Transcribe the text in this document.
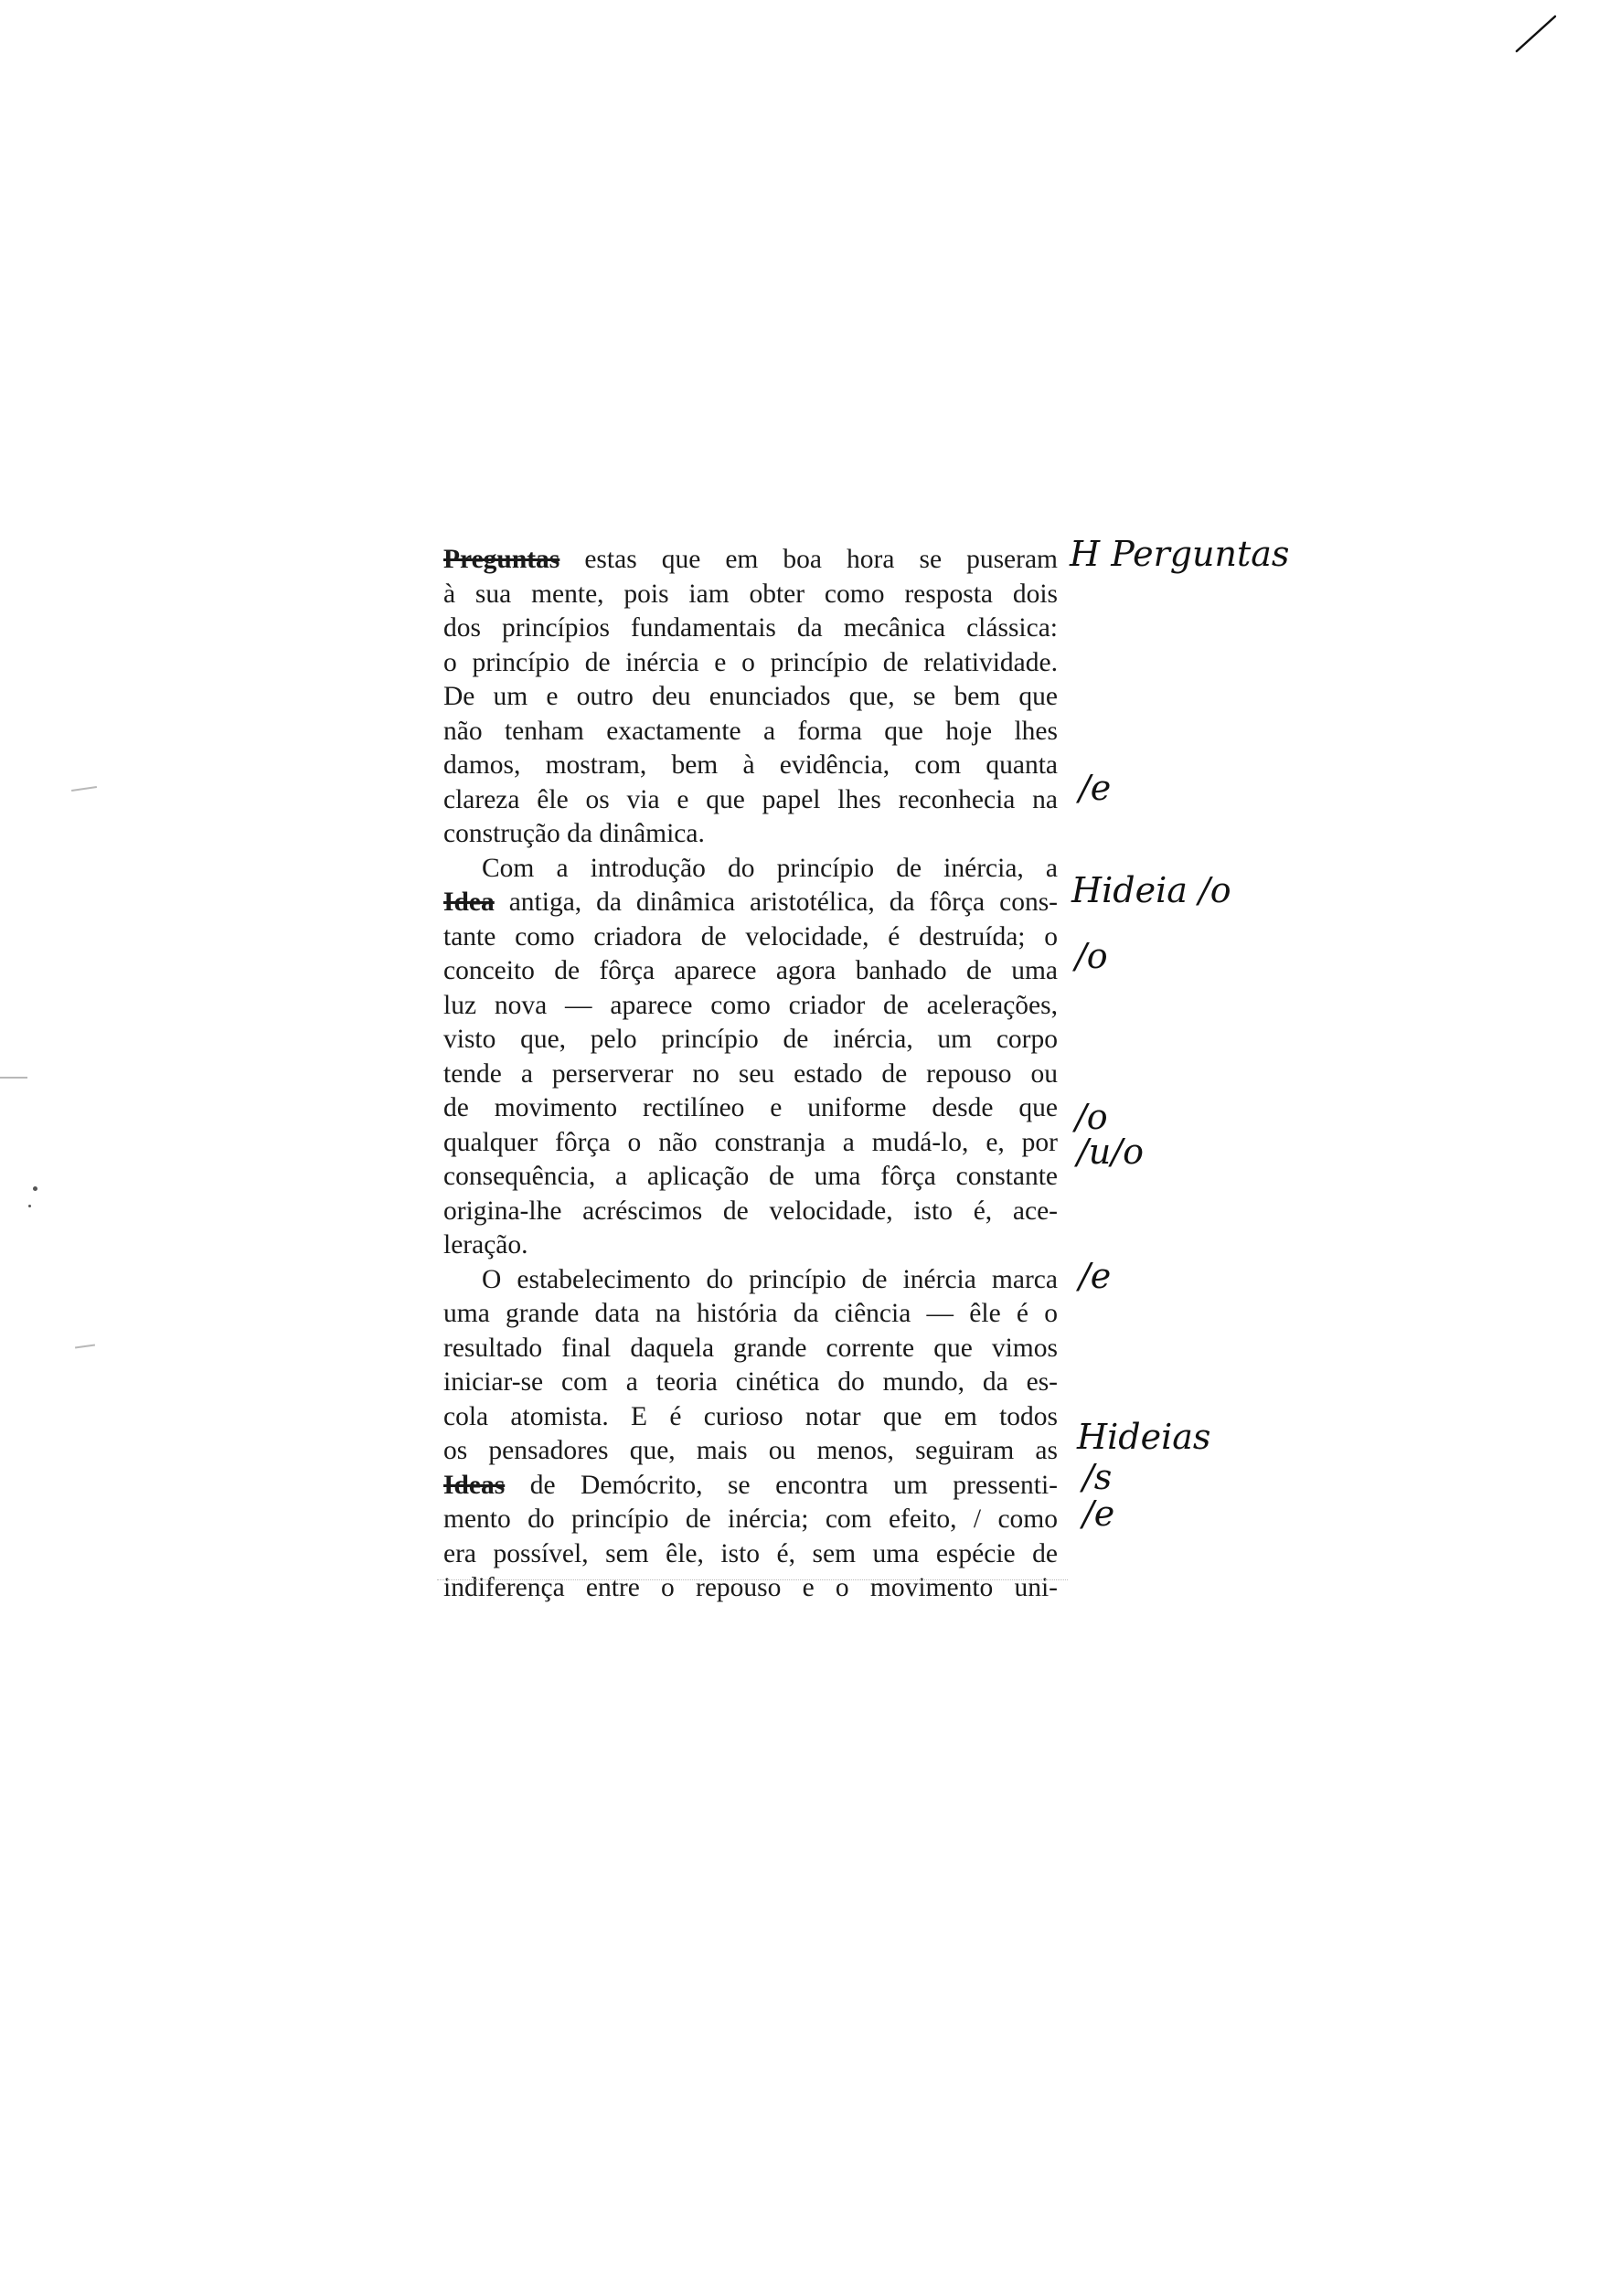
Preguntas estas que em boa hora se puseram
à sua mente, pois iam obter como resposta dois
dos princípios fundamentais da mecânica clássica:
o princípio de inércia e o princípio de relatividade.
De um e outro deu enunciados que, se bem que
não tenham exactamente a forma que hoje lhes
damos, mostram, bem à evidência, com quanta
clareza êle os via e que papel lhes reconhecia na
construção da dinâmica.
Com a introdução do princípio de inércia, a
Idea antiga, da dinâmica aristotélica, da fôrça cons-
tante como criadora de velocidade, é destruída; o
conceito de fôrça aparece agora banhado de uma
luz nova — aparece como criador de acelerações,
visto que, pelo princípio de inércia, um corpo
tende a perserverar no seu estado de repouso ou
de movimento rectilíneo e uniforme desde que
qualquer fôrça o não constranja a mudá-lo, e, por
consequência, a aplicação de uma fôrça constante
origina-lhe acréscimos de velocidade, isto é, ace-
leração.
O estabelecimento do princípio de inércia marca
uma grande data na história da ciência — êle é o
resultado final daquela grande corrente que vimos
iniciar-se com a teoria cinética do mundo, da es-
cola atomista. E é curioso notar que em todos
os pensadores que, mais ou menos, seguiram as
Ideas de Demócrito, se encontra um pressenti-
mento do princípio de inércia; com efeito, / como
era possível, sem êle, isto é, sem uma espécie de
indiferença entre o repouso e o movimento uni-
H Perguntas
/e
Hideia /o
/o
/o
/u/o
/e
Hideias
/s
/e
